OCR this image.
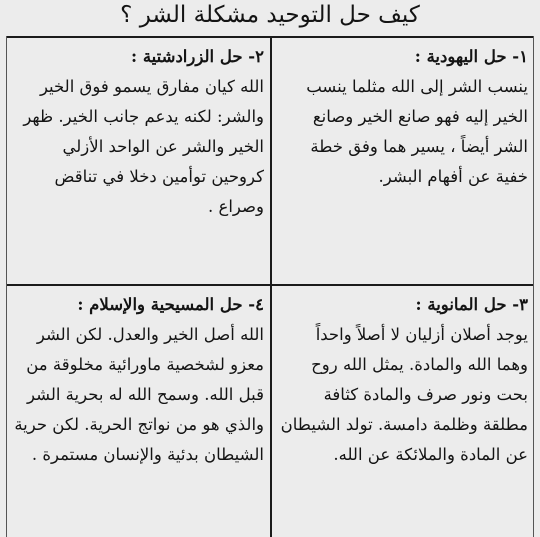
كيف حل التوحيد مشكلة الشر ؟
١- حل اليهودية :
ينسب الشر إلى الله مثلما ينسب الخير إليه فهو صانع الخير وصانع الشر أيضاً ، يسير هما وفق خطة خفية عن أفهام البشر.
٢- حل الزرادشتية :
الله كيان مفارق يسمو فوق الخير والشر: لكنه يدعم جانب الخير. ظهر الخير والشر عن الواحد الأزلي كروحين توأمين دخلا في تناقض وصراع .
٣- حل المانوية :
يوجد أصلان أزليان لا أصلاً واحداً وهما الله والمادة. يمثل الله روح بحت ونور صرف والمادة كثافة مطلقة وظلمة دامسة. تولد الشيطان عن المادة والملائكة عن الله.
٤- حل المسيحية والإسلام :
الله أصل الخير والعدل. لكن الشر معزو لشخصية ماورائية مخلوقة من قبل الله. وسمح الله له بحرية الشر والذي هو من نواتج الحرية. لكن حرية الشيطان بدئية والإنسان مستمرة .
